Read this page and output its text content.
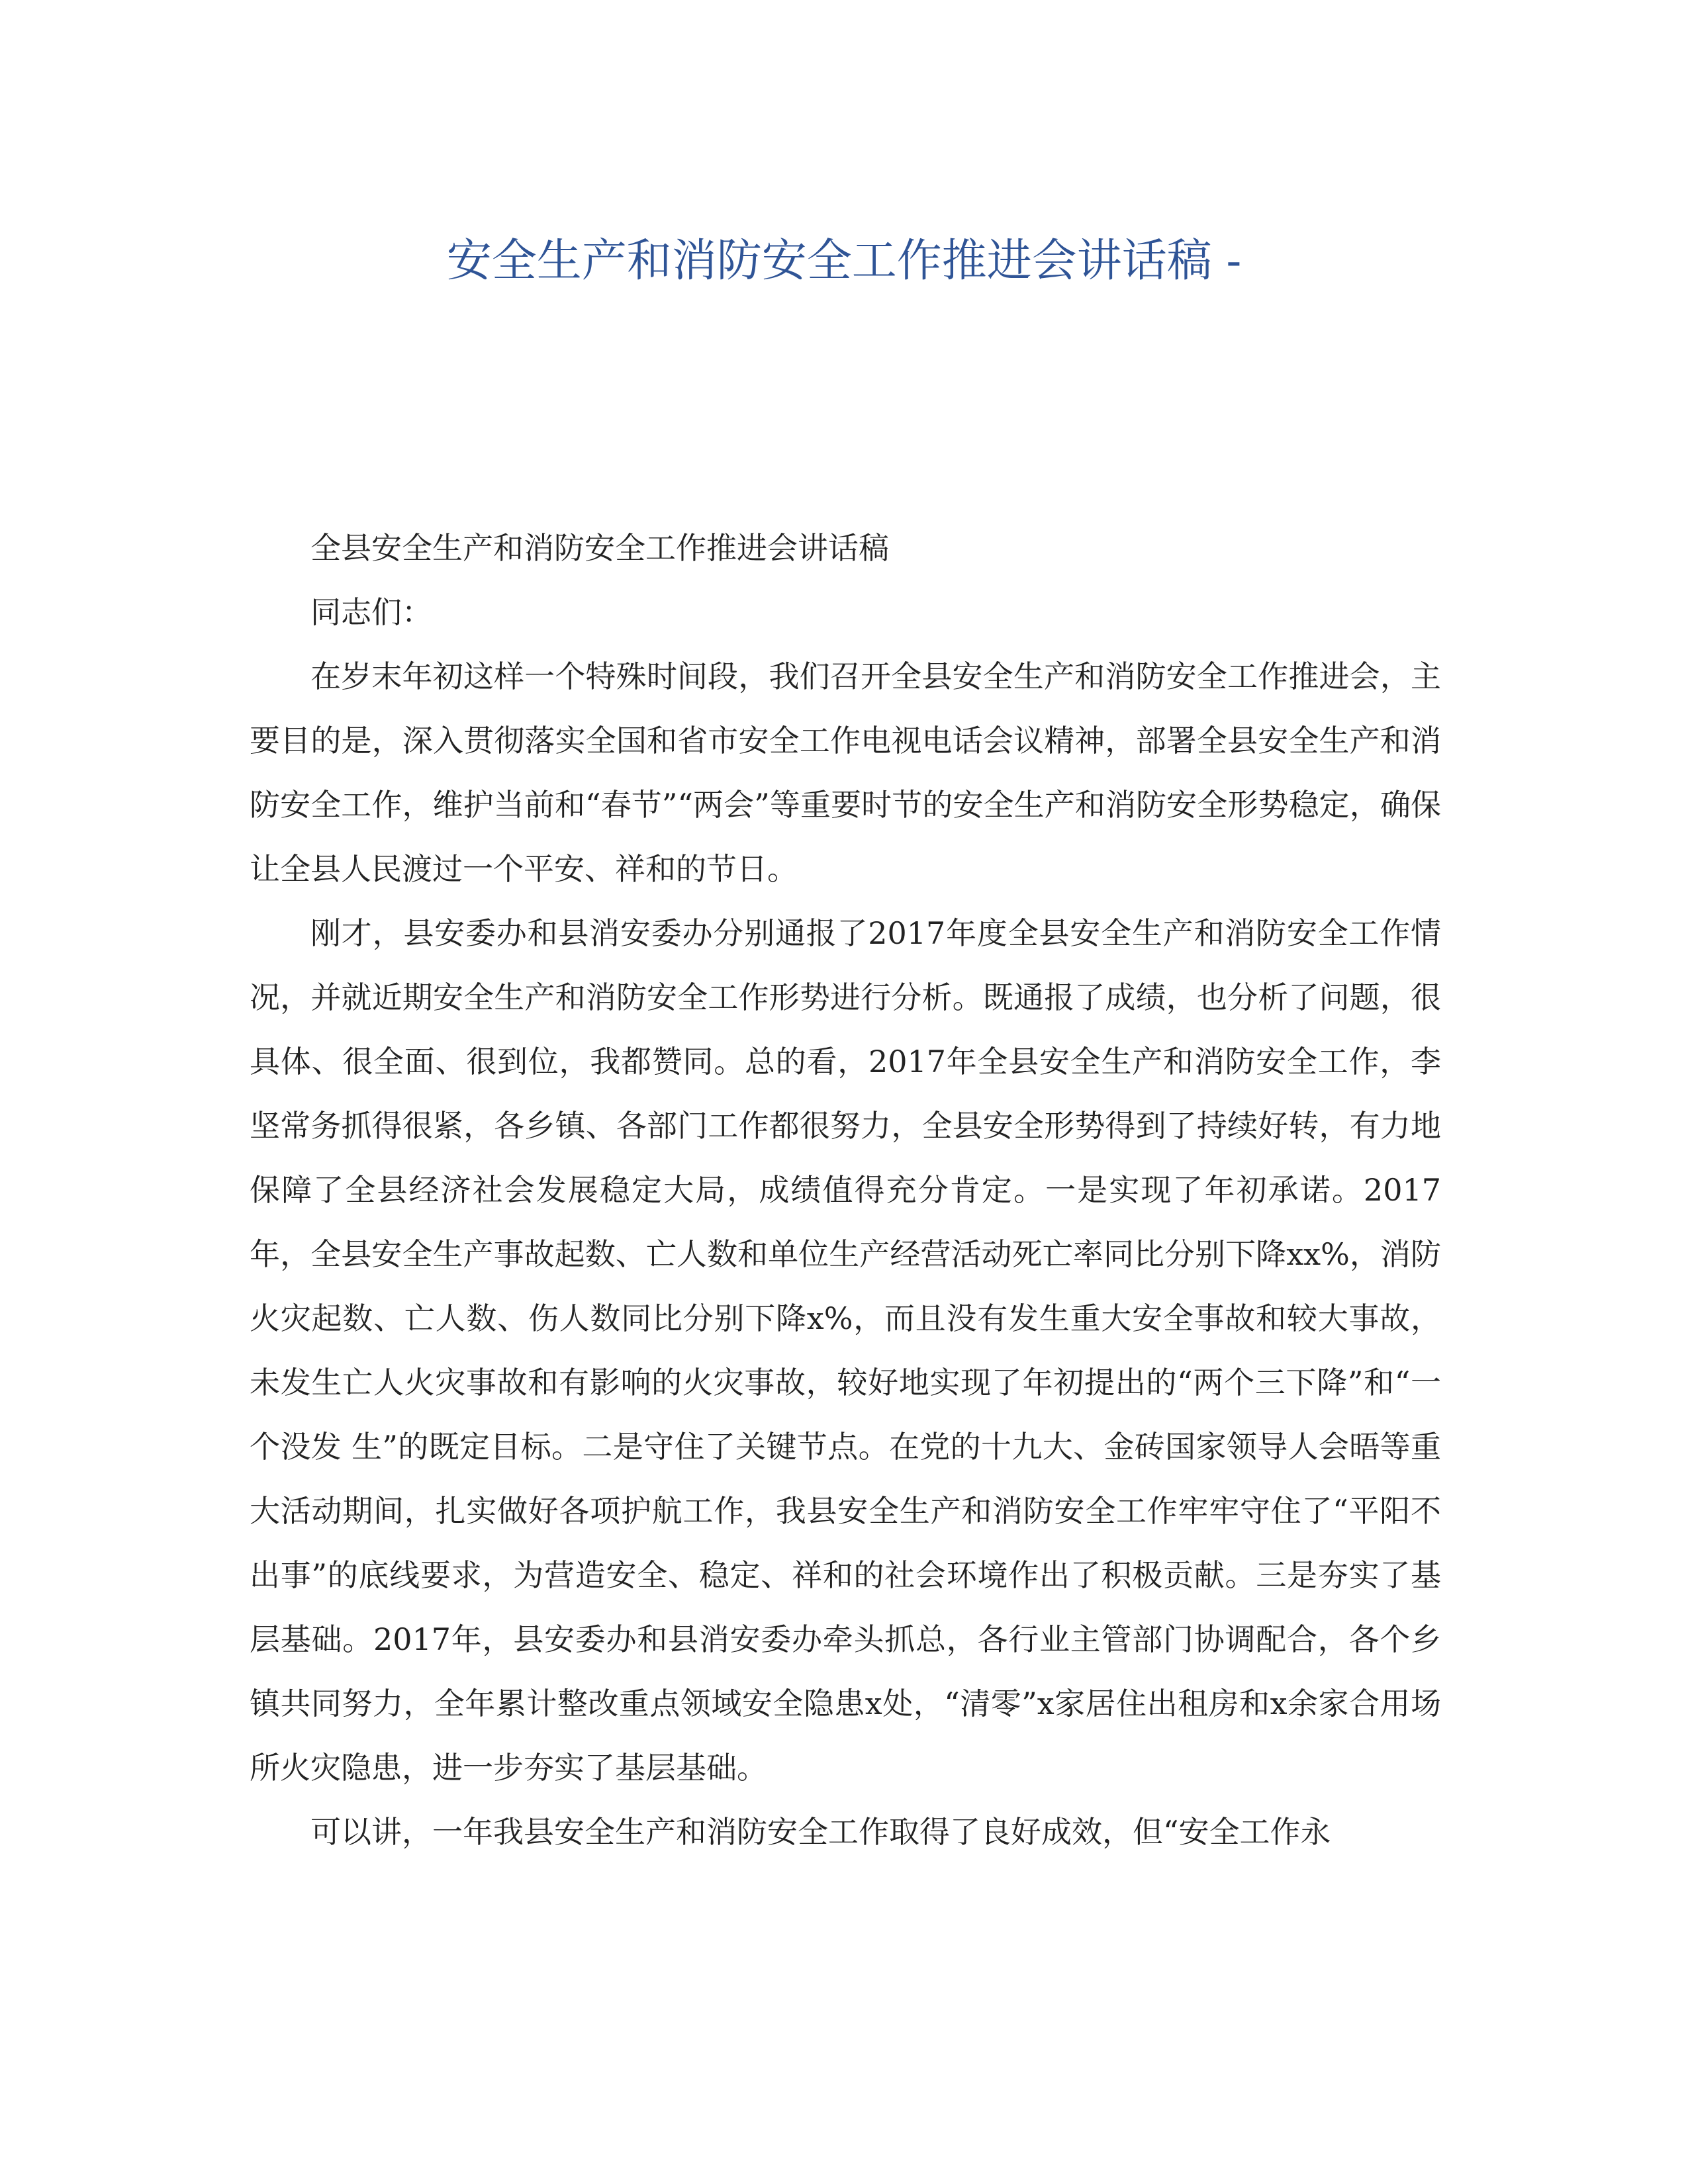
安全生产和消防安全工作推进会讲话稿 -

全县安全生产和消防安全工作推进会讲话稿

同志们：

在岁末年初这样一个特殊时间段，我们召开全县安全生产和消防安全工作推进会，主要目的是，深入贯彻落实全国和省市安全工作电视电话会议精神，部署全县安全生产和消防安全工作，维护当前和“春节”“两会”等重要时节的安全生产和消防安全形势稳定，确保让全县人民渡过一个平安、祥和的节日。

刚才，县安委办和县消安委办分别通报了2017年度全县安全生产和消防安全工作情况，并就近期安全生产和消防安全工作形势进行分析。既通报了成绩，也分析了问题，很具体、很全面、很到位，我都赞同。总的看，2017年全县安全生产和消防安全工作，李坚常务抓得很紧，各乡镇、各部门工作都很努力，全县安全形势得到了持续好转，有力地保障了全县经济社会发展稳定大局，成绩值得充分肯定。一是实现了年初承诺。2017年，全县安全生产事故起数、亡人数和单位生产经营活动死亡率同比分别下降xx%，消防火灾起数、亡人数、伤人数同比分别下降x%，而且没有发生重大安全事故和较大事故，未发生亡人火灾事故和有影响的火灾事故，较好地实现了年初提出的“两个三下降”和“一个没发 生”的既定目标。二是守住了关键节点。在党的十九大、金砖国家领导人会晤等重大活动期间，扎实做好各项护航工作，我县安全生产和消防安全工作牢牢守住了“平阳不出事”的底线要求，为营造安全、稳定、祥和的社会环境作出了积极贡献。三是夯实了基层基础。2017年，县安委办和县消安委办牵头抓总，各行业主管部门协调配合，各个乡镇共同努力，全年累计整改重点领域安全隐患x处，“清零”x家居住出租房和x余家合用场所火灾隐患，进一步夯实了基层基础。

可以讲，一年我县安全生产和消防安全工作取得了良好成效，但“安全工作永
